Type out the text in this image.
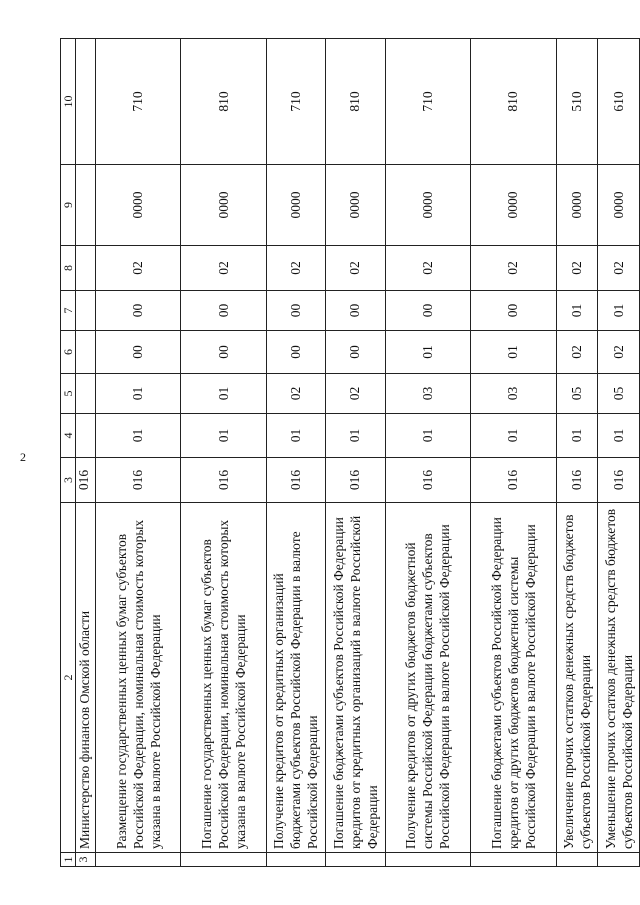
2
1	2	3	4	5	6	7	8	9	10
3	Министерство финансов Омской области	016							
	Размещение государственных ценных бумаг субъектов Российской Федерации, номинальная стоимость которых указана в валюте Российской Федерации	016	01	01	00	00	02	0000	710
	Погашение государственных ценных бумаг субъектов Российской Федерации, номинальная стоимость которых указана в валюте Российской Федерации	016	01	01	00	00	02	0000	810
	Получение кредитов от кредитных организаций бюджетами субъектов Российской Федерации в валюте Российской Федерации	016	01	02	00	00	02	0000	710
	Погашение бюджетами субъектов Российской Федерации кредитов от кредитных организаций в валюте Российской Федерации	016	01	02	00	00	02	0000	810
	Получение кредитов от других бюджетов бюджетной системы Российской Федерации бюджетами субъектов Российской Федерации в валюте Российской Федерации	016	01	03	01	00	02	0000	710
	Погашение бюджетами субъектов Российской Федерации кредитов от других бюджетов бюджетной системы Российской Федерации в валюте Российской Федерации	016	01	03	01	00	02	0000	810
	Увеличение прочих остатков денежных средств бюджетов субъектов Российской Федерации	016	01	05	02	01	02	0000	510
	Уменьшение прочих остатков денежных средств бюджетов субъектов Российской Федерации	016	01	05	02	01	02	0000	610
